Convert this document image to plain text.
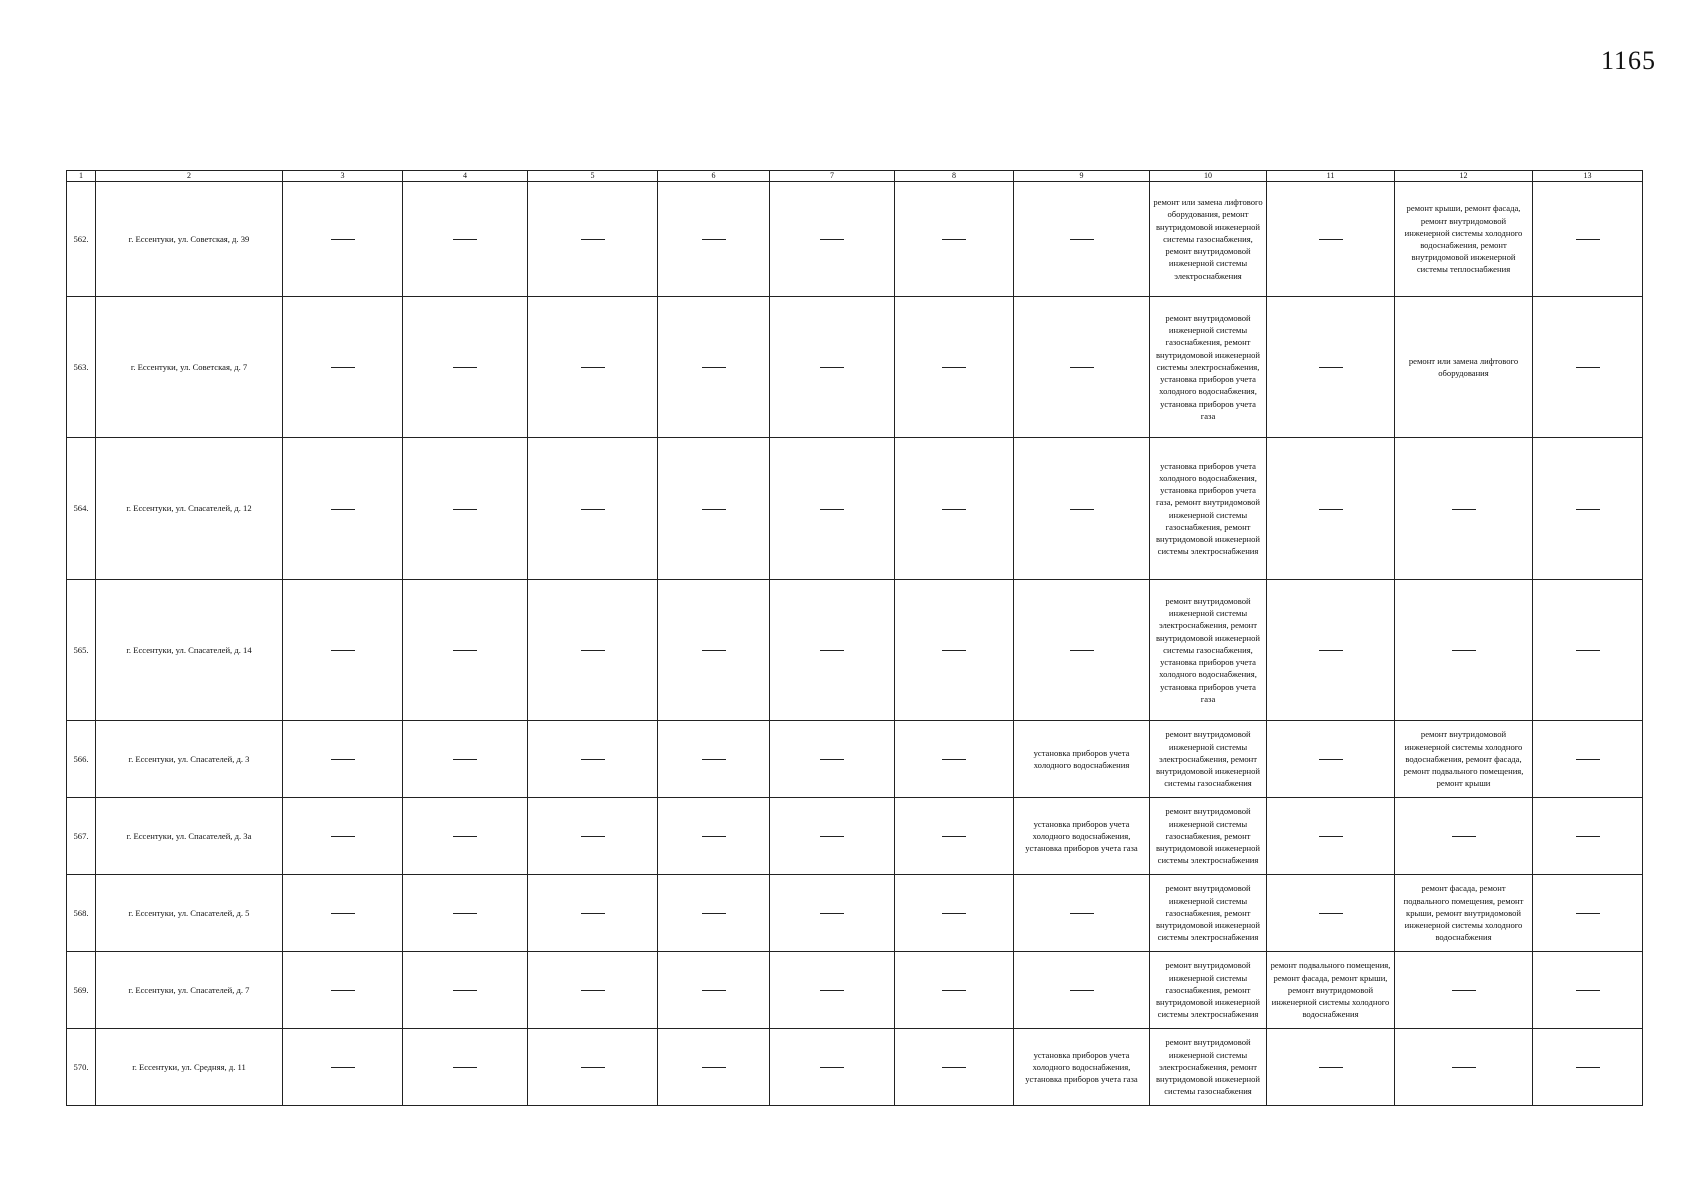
1165
1	2	3	4	5	6	7	8	9	10	11	12	13
562.	г. Ессентуки, ул. Советская, д. 39								ремонт или замена лифтового оборудования, ремонт внутридомовой инженерной системы газоснабжения, ремонт внутридомовой инженерной системы электроснабжения		ремонт крыши, ремонт фасада, ремонт внутридомовой инженерной системы холодного водоснабжения, ремонт внутридомовой инженерной системы теплоснабжения	
563.	г. Ессентуки, ул. Советская, д. 7								ремонт внутридомовой инженерной системы газоснабжения, ремонт внутридомовой инженерной системы электроснабжения, установка приборов учета холодного водоснабжения, установка приборов учета газа		ремонт или замена лифтового оборудования	
564.	г. Ессентуки, ул. Спасателей, д. 12								установка приборов учета холодного водоснабжения, установка приборов учета газа, ремонт внутридомовой инженерной системы газоснабжения, ремонт внутридомовой инженерной системы электроснабжения			
565.	г. Ессентуки, ул. Спасателей, д. 14								ремонт внутридомовой инженерной системы электроснабжения, ремонт внутридомовой инженерной системы газоснабжения, установка приборов учета холодного водоснабжения, установка приборов учета газа			
566.	г. Ессентуки, ул. Спасателей, д. 3							установка приборов учета холодного водоснабжения	ремонт внутридомовой инженерной системы электроснабжения, ремонт внутридомовой инженерной системы газоснабжения		ремонт внутридомовой инженерной системы холодного водоснабжения, ремонт фасада, ремонт подвального помещения, ремонт крыши	
567.	г. Ессентуки, ул. Спасателей, д. 3а							установка приборов учета холодного водоснабжения, установка приборов учета газа	ремонт внутридомовой инженерной системы газоснабжения, ремонт внутридомовой инженерной системы электроснабжения			
568.	г. Ессентуки, ул. Спасателей, д. 5								ремонт внутридомовой инженерной системы газоснабжения, ремонт внутридомовой инженерной системы электроснабжения		ремонт фасада, ремонт подвального помещения, ремонт крыши, ремонт внутридомовой инженерной системы холодного водоснабжения	
569.	г. Ессентуки, ул. Спасателей, д. 7								ремонт внутридомовой инженерной системы газоснабжения, ремонт внутридомовой инженерной системы электроснабжения	ремонт подвального помещения, ремонт фасада, ремонт крыши, ремонт внутридомовой инженерной системы холодного водоснабжения		
570.	г. Ессентуки, ул. Средняя, д. 11							установка приборов учета холодного водоснабжения, установка приборов учета газа	ремонт внутридомовой инженерной системы электроснабжения, ремонт внутридомовой инженерной системы газоснабжения			
